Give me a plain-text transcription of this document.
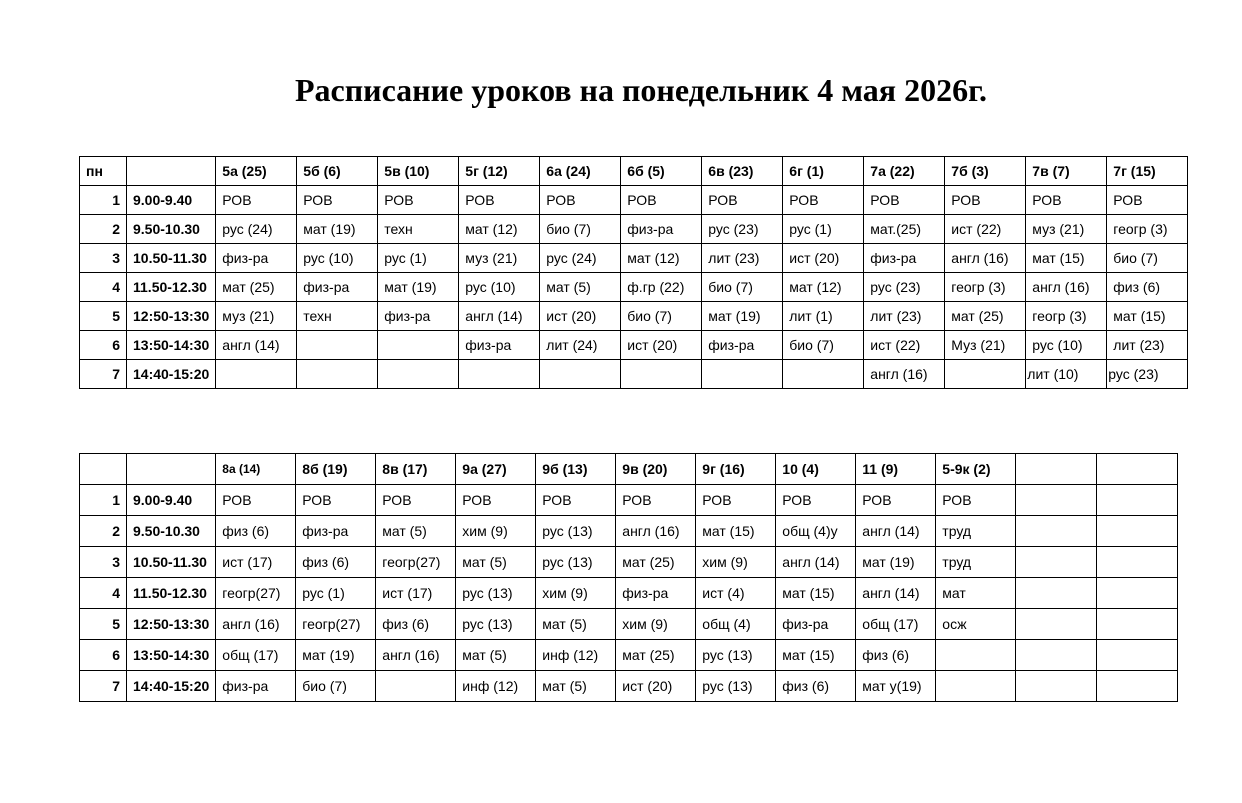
Расписание уроков на понедельник 4 мая 2026г.
пн		5а (25)	5б (6)	5в (10)	5г (12)	6а (24)	6б (5)	6в (23)	6г (1)	7а (22)	7б (3)	7в (7)	7г (15)
1	9.00-9.40	РОВ	РОВ	РОВ	РОВ	РОВ	РОВ	РОВ	РОВ	РОВ	РОВ	РОВ	РОВ
2	9.50-10.30	рус (24)	мат (19)	техн	мат (12)	био (7)	физ-ра	рус (23)	рус (1)	мат.(25)	ист (22)	муз (21)	геогр (3)
3	10.50-11.30	физ-ра	рус (10)	рус (1)	муз (21)	рус (24)	мат (12)	лит (23)	ист (20)	физ-ра	англ (16)	мат (15)	био (7)
4	11.50-12.30	мат (25)	физ-ра	мат (19)	рус (10)	мат (5)	ф.гр (22)	био (7)	мат (12)	рус (23)	геогр (3)	англ (16)	физ (6)
5	12:50-13:30	муз (21)	техн	физ-ра	англ (14)	ист (20)	био (7)	мат (19)	лит (1)	лит (23)	мат (25)	геогр (3)	мат (15)
6	13:50-14:30	англ (14)			физ-ра	лит (24)	ист (20)	физ-ра	био (7)	ист (22)	Муз (21)	рус (10)	лит (23)
7	14:40-15:20									англ (16)		лит (10)	рус (23)
		8а (14)	8б (19)	8в (17)	9а (27)	9б (13)	9в (20)	9г (16)	10 (4)	11 (9)	5-9к (2)		
1	9.00-9.40	РОВ	РОВ	РОВ	РОВ	РОВ	РОВ	РОВ	РОВ	РОВ	РОВ		
2	9.50-10.30	физ (6)	физ-ра	мат (5)	хим (9)	рус (13)	англ (16)	мат (15)	общ (4)у	англ (14)	труд		
3	10.50-11.30	ист (17)	физ (6)	геогр(27)	мат (5)	рус (13)	мат (25)	хим (9)	англ (14)	мат (19)	труд		
4	11.50-12.30	геогр(27)	рус (1)	ист (17)	рус (13)	хим (9)	физ-ра	ист (4)	мат (15)	англ (14)	мат		
5	12:50-13:30	англ (16)	геогр(27)	физ (6)	рус (13)	мат (5)	хим (9)	общ (4)	физ-ра	общ (17)	осж		
6	13:50-14:30	общ (17)	мат (19)	англ (16)	мат (5)	инф (12)	мат (25)	рус (13)	мат (15)	физ (6)			
7	14:40-15:20	физ-ра	био (7)		инф (12)	мат (5)	ист (20)	рус (13)	физ (6)	мат у(19)			
